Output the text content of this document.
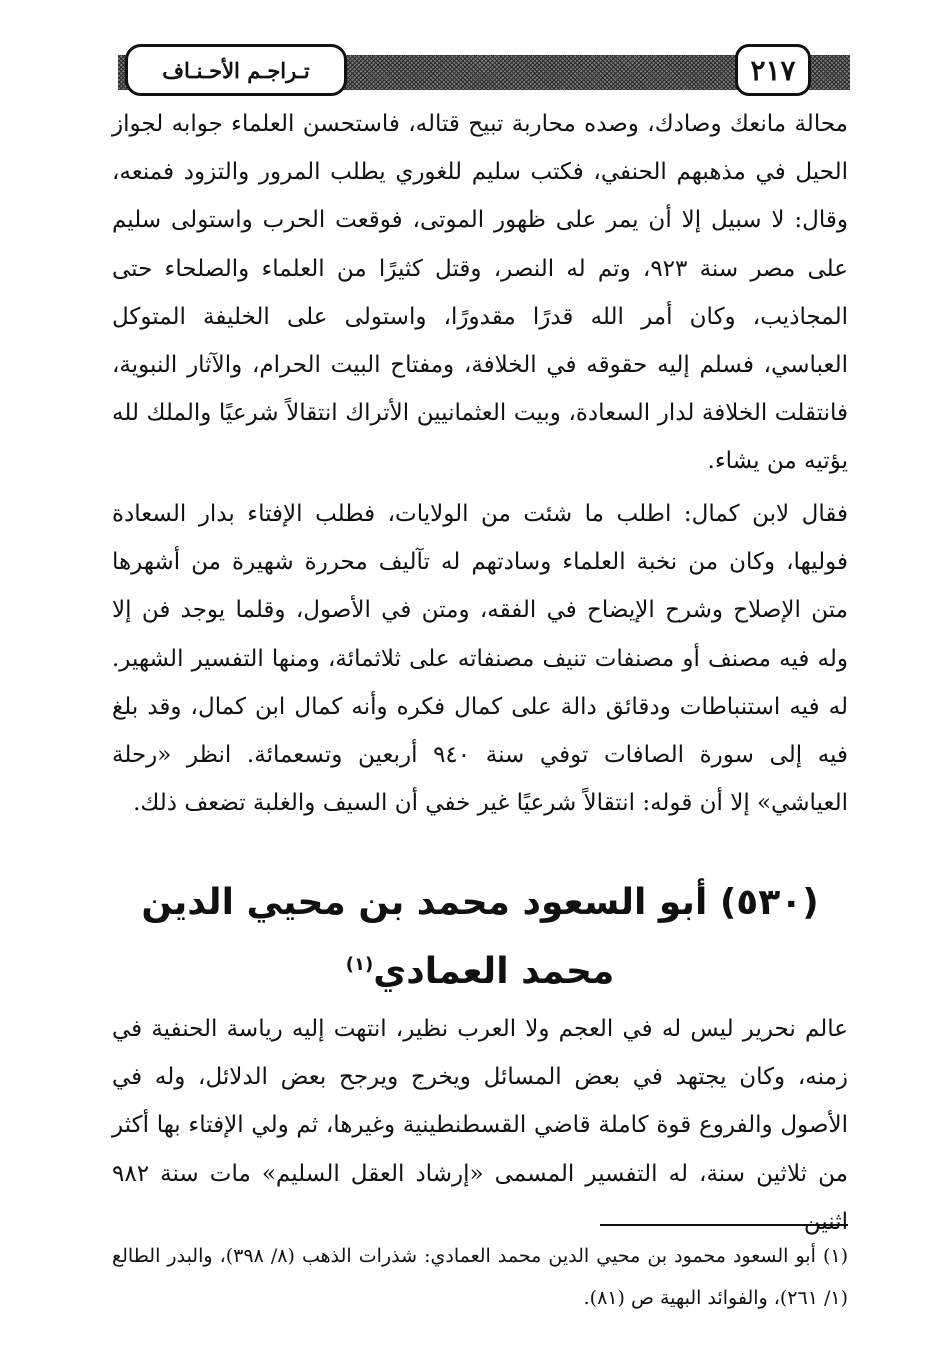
تـراجـم الأحـنـاف	٢١٧

محالة مانعك وصادك، وصده محاربة تبيح قتاله، فاستحسن العلماء جوابه لجواز الحيل في مذهبهم الحنفي، فكتب سليم للغوري يطلب المرور والتزود فمنعه، وقال: لا سبيل إلا أن يمر على ظهور الموتى، فوقعت الحرب واستولى سليم على مصر سنة ٩٢٣، وتم له النصر، وقتل كثيرًا من العلماء والصلحاء حتى المجاذيب، وكان أمر الله قدرًا مقدورًا، واستولى على الخليفة المتوكل العباسي، فسلم إليه حقوقه في الخلافة، ومفتاح البيت الحرام، والآثار النبوية، فانتقلت الخلافة لدار السعادة، وبيت العثمانيين الأتراك انتقالاً شرعيًا والملك لله يؤتيه من يشاء.

فقال لابن كمال: اطلب ما شئت من الولايات، فطلب الإفتاء بدار السعادة فوليها، وكان من نخبة العلماء وسادتهم له تآليف محررة شهيرة من أشهرها متن الإصلاح وشرح الإيضاح في الفقه، ومتن في الأصول، وقلما يوجد فن إلا وله فيه مصنف أو مصنفات تنيف مصنفاته على ثلاثمائة، ومنها التفسير الشهير. له فيه استنباطات ودقائق دالة على كمال فكره وأنه كمال ابن كمال، وقد بلغ فيه إلى سورة الصافات توفي سنة ٩٤٠ أربعين وتسعمائة. انظر «رحلة العياشي» إلا أن قوله: انتقالاً شرعيًا غير خفي أن السيف والغلبة تضعف ذلك.

(٥٣٠) أبو السعود محمد بن محيي الدين محمد العمادي$^{(١)}$

عالم نحرير ليس له في العجم ولا العرب نظير، انتهت إليه رياسة الحنفية في زمنه، وكان يجتهد في بعض المسائل ويخرج ويرجح بعض الدلائل، وله في الأصول والفروع قوة كاملة قاضي القسطنطينية وغيرها، ثم ولي الإفتاء بها أكثر من ثلاثين سنة، له التفسير المسمى «إرشاد العقل السليم» مات سنة ٩٨٢ اثنين

(١) أبو السعود محمود بن محيي الدين محمد العمادي: شذرات الذهب (٨/ ٣٩٨)، والبدر الطالع (١/ ٢٦١)، والفوائد البهية ص (٨١).
